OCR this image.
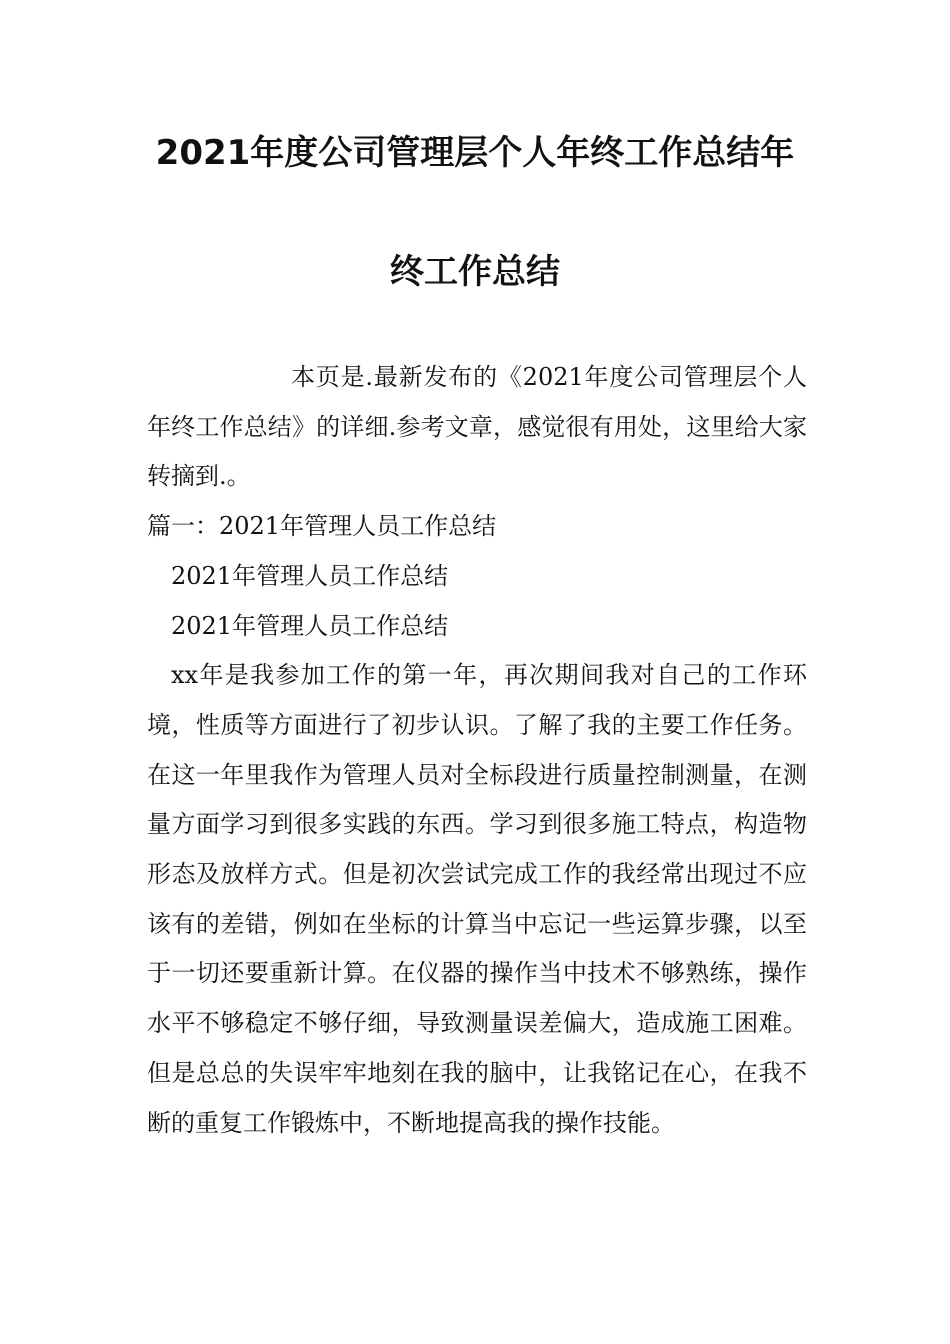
2021年度公司管理层个人年终工作总结年
终工作总结

本页是.最新发布的《2021年度公司管理层个人年终工作总结》的详细.参考文章，感觉很有用处，这里给大家转摘到.。

篇一：2021年管理人员工作总结

2021年管理人员工作总结

2021年管理人员工作总结

xx年是我参加工作的第一年，再次期间我对自己的工作环境，性质等方面进行了初步认识。了解了我的主要工作任务。在这一年里我作为管理人员对全标段进行质量控制测量，在测量方面学习到很多实践的东西。学习到很多施工特点，构造物形态及放样方式。但是初次尝试完成工作的我经常出现过不应该有的差错，例如在坐标的计算当中忘记一些运算步骤，以至于一切还要重新计算。在仪器的操作当中技术不够熟练，操作水平不够稳定不够仔细，导致测量误差偏大，造成施工困难。但是总总的失误牢牢地刻在我的脑中，让我铭记在心，在我不断的重复工作锻炼中，不断地提高我的操作技能。
